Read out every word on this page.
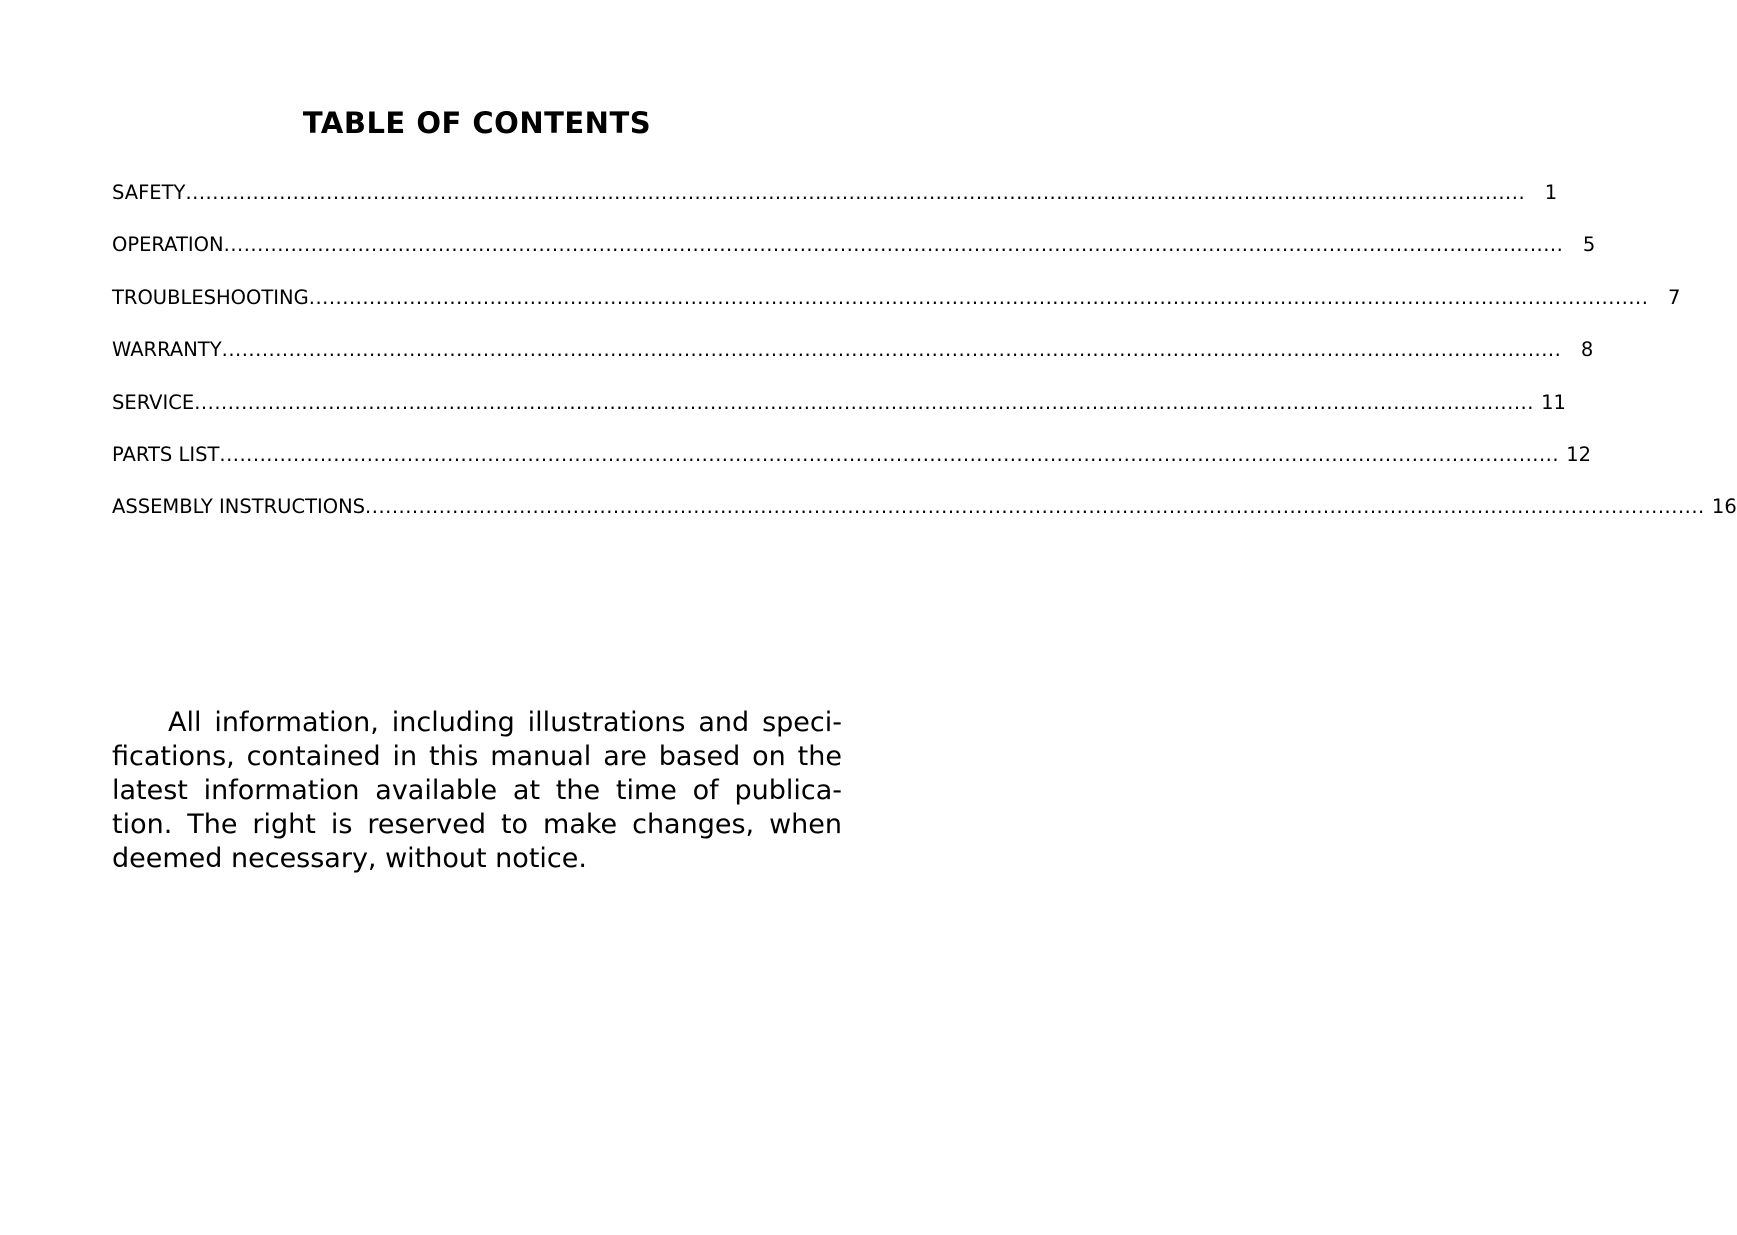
TABLE OF CONTENTS
SAFETY ........................................................................................................................................................................................................	1
OPERATION ........................................................................................................................................................................................................	5
TROUBLESHOOTING ........................................................................................................................................................................................................	7
WARRANTY ........................................................................................................................................................................................................	8
SERVICE ........................................................................................................................................................................................................ 11
PARTS LIST ........................................................................................................................................................................................................ 12
ASSEMBLY INSTRUCTIONS ........................................................................................................................................................................................................ 16

All information, including illustrations and specifications, contained in this manual are based on the latest information available at the time of publication. The right is reserved to make changes, when deemed necessary, without notice.
